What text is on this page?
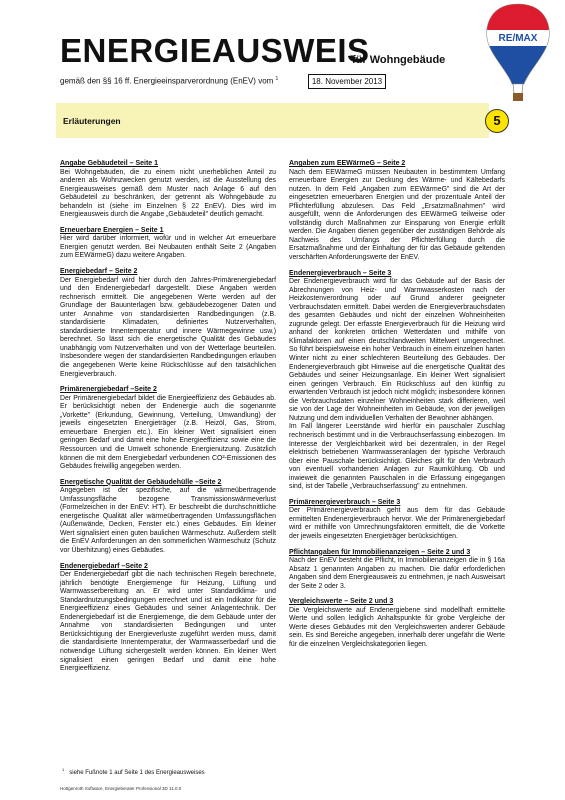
ENERGIEAUSWEIS
für Wohngebäude
gemäß den §§ 16 ff. Energieeinsparverordnung (EnEV) vom $^1$	18. November 2013
RE/MAX
Erläuterungen	5
Angabe Gebäudeteil – Seite 1

Bei Wohngebäuden, die zu einem nicht unerheblichen Anteil zu anderen als Wohnzwecken genutzt werden, ist die Ausstellung des Energieausweises gemäß dem Muster nach Anlage 6 auf den Gebäudeteil zu beschränken, der getrennt als Wohngebäude zu behandeln ist (siehe im Einzelnen § 22 EnEV). Dies wird im Energieausweis durch die Angabe „Gebäudeteil" deutlich gemacht.

Erneuerbare Energien – Seite 1

Hier wird darüber informiert, wofür und in welcher Art erneuerbare Energien genutzt werden. Bei Neubauten enthält Seite 2 (Angaben zum EEWärmeG) dazu weitere Angaben.

Energiebedarf – Seite 2

Der Energiebedarf wird hier durch den Jahres-Primärenergiebedarf und den Endenergiebedarf dargestellt. Diese Angaben werden rechnerisch ermittelt. Die angegebenen Werte werden auf der Grundlage der Bauunterlagen bzw. gebäudebezogener Daten und unter Annahme von standardisierten Randbedingungen (z.B. standardisierte Klimadaten, definiertes Nutzerverhalten, standardisierte Innentemperatur und innere Wärmegewinne usw.) berechnet. So lässt sich die energetische Qualität des Gebäudes unabhängig vom Nutzerverhalten und von der Wetterlage beurteilen. Insbesondere wegen der standardisierten Randbedingungen erlauben die angegebenen Werte keine Rückschlüsse auf den tatsächlichen Energieverbrauch.

Primärenergiebedarf –Seite 2

Der Primärenergiebedarf bildet die Energieeffizienz des Gebäudes ab. Er berücksichtigt neben der Endenergie auch die sogenannte „Vorkette" (Erkundung, Gewinnung, Verteilung, Umwandlung) der jeweils eingesetzten Energieträger (z.B. Heizöl, Gas, Strom, erneuerbare Energien etc.). Ein kleiner Wert signalisiert einen geringen Bedarf und damit eine hohe Energieeffizienz sowie eine die Ressourcen und die Umwelt schonende Energienutzung. Zusätzlich können die mit dem Energiebedarf verbundenen CO²-Emissionen des Gebäudes freiwillig angegeben werden.

Energetische Qualität der Gebäudehülle –Seite 2

Angegeben ist der spezifische, auf die wärmeübertragende Umfassungsfläche bezogene Transmissionswärmeverlust (Formelzeichen in der EnEV: H'T). Er beschreibt die durchschnittliche energetische Qualität aller wärmeübertragenden Umfassungsflächen (Außenwände, Decken, Fenster etc.) eines Gebäudes. Ein kleiner Wert signalisiert einen guten baulichen Wärmeschutz. Außerdem stellt die EnEV Anforderungen an den sommerlichen Wärmeschutz (Schutz vor Überhitzung) eines Gebäudes.

Endenergiebedarf –Seite 2

Der Endenergiebedarf gibt die nach technischen Regeln berechnete, jährlich benötigte Energiemenge für Heizung, Lüftung und Warmwasserbereitung an. Er wird unter Standardklima- und Standardnutzungsbedingungen errechnet und ist ein Indikator für die Energieeffizienz eines Gebäudes und seiner Anlagentechnik. Der Endenergiebedarf ist die Energiemenge, die dem Gebäude unter der Annahme von standardisierten Bedingungen und unter Berücksichtigung der Energieverluste zugeführt werden muss, damit die standardisierte Innentemperatur, der Warmwasserbedarf und die notwendige Lüftung sichergestellt werden können. Ein kleiner Wert signalisiert einen geringen Bedarf und damit eine hohe Energieeffizienz.

Angaben zum EEWärmeG – Seite 2

Nach dem EEWärmeG müssen Neubauten in bestimmtem Umfang erneuerbare Energien zur Deckung des Wärme- und Kältebedarfs nutzen. In dem Feld „Angaben zum EEWärmeG" sind die Art der eingesetzten erneuerbaren Energien und der prozentuale Anteil der Pflichterfüllung abzulesen. Das Feld „Ersatzmaßnahmen" wird ausgefüllt, wenn die Anforderungen des EEWärmeG teilweise oder vollständig durch Maßnahmen zur Einsparung von Energie erfüllt werden. Die Angaben dienen gegenüber der zuständigen Behörde als Nachweis des Umfangs der Pflichterfüllung durch die Ersatzmaßnahme und der Einhaltung der für das Gebäude geltenden verschärften Anforderungswerte der EnEV.

Endenergieverbrauch – Seite 3

Der Endenergieverbrauch wird für das Gebäude auf der Basis der Abrechnungen von Heiz- und Warmwasserkosten nach der Heizkostenverordnung oder auf Grund anderer geeigneter Verbrauchsdaten ermittelt. Dabei werden die Energieverbrauchsdaten des gesamten Gebäudes und nicht der einzelnen Wohneinheiten zugrunde gelegt. Der erfasste Energieverbrauch für die Heizung wird anhand der konkreten örtlichen Wetterdaten und mithilfe von Klimafaktoren auf einen deutschlandweiten Mittelwert umgerechnet. So führt beispielsweise ein hoher Verbrauch in einem einzelnen harten Winter nicht zu einer schlechteren Beurteilung des Gebäudes. Der Endenergieverbrauch gibt Hinweise auf die energetische Qualität des Gebäudes und seiner Heizungsanlage. Ein kleiner Wert signalisiert einen geringen Verbrauch. Ein Rückschluss auf den künftig zu erwartenden Verbrauch ist jedoch nicht möglich; insbesondere können die Verbrauchsdaten einzelner Wohneinheiten stark differieren, weil sie von der Lage der Wohneinheiten im Gebäude, von der jeweiligen Nutzung und dem individuellen Verhalten der Bewohner abhängen.
Im Fall längerer Leerstände wird hierfür ein pauschaler Zuschlag rechnerisch bestimmt und in die Verbrauchserfassung einbezogen. Im Interesse der Vergleichbarkeit wird bei dezentralen, in der Regel elektrisch betriebenen Warmwasseranlagen der typische Verbrauch über eine Pauschale berücksichtigt. Gleiches gilt für den Verbrauch von eventuell vorhandenen Anlagen zur Raumkühlung. Ob und inwieweit die genannten Pauschalen in die Erfassung eingegangen sind, ist der Tabelle „Verbrauchserfassung" zu entnehmen.

Primärenergieverbrauch – Seite 3

Der Primärenergieverbrauch geht aus dem für das Gebäude ermittelten Endenergieverbrauch hervor. Wie der Primärenergiebedarf wird er mithilfe von Umrechnungsfaktoren ermittelt, die die Vorkette der jeweils eingesetzten Energieträger berücksichtigen.

Pflichtangaben für Immobilienanzeigen – Seite 2 und 3

Nach der EnEV besteht die Pflicht, in Immobilienanzeigen die in § 16a Absatz 1 genannten Angaben zu machen. Die dafür erforderlichen Angaben sind dem Energieausweis zu entnehmen, je nach Ausweisart der Seite 2 oder 3.

Vergleichswerte – Seite 2 und 3

Die Vergleichswerte auf Endenergiebene sind modellhaft ermittelte Werte und sollen lediglich Anhaltspunkte für grobe Vergleiche der Werte dieses Gebäudes mit den Vergleichswerten anderer Gebäude sein. Es sind Bereiche angegeben, innerhalb derer ungefähr die Werte für die einzelnen Vergleichskategorien liegen.

$^1$   siehe Fußnote 1 auf Seite 1 des Energieausweises
Hottgenroth Software, Energieberater Professional 3D 11.0.0
